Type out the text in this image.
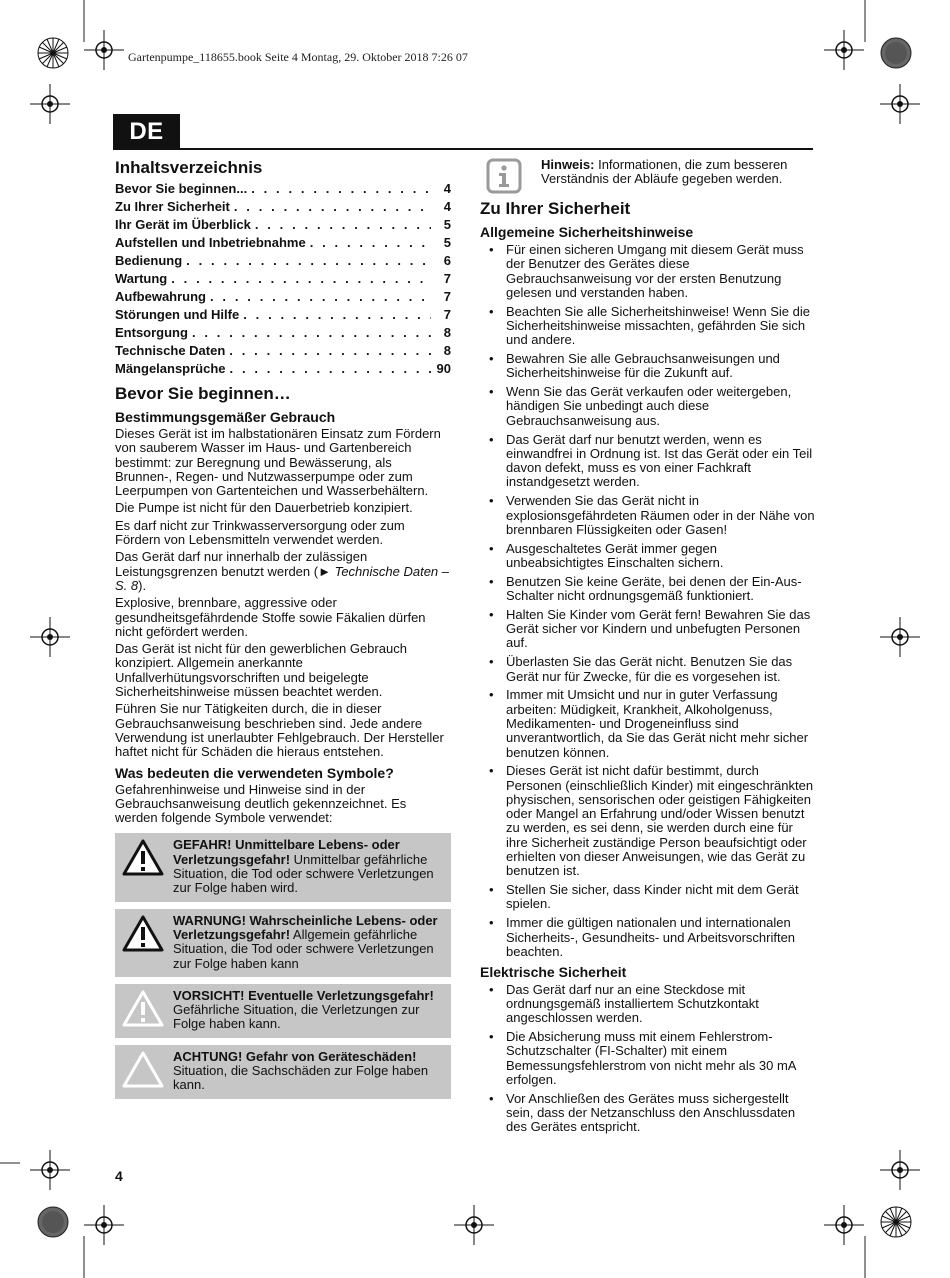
Gartenpumpe_118655.book Seite 4 Montag, 29. Oktober 2018 7:26 07
DE
Inhaltsverzeichnis
Bevor Sie beginnen... . . .	4
Zu Ihrer Sicherheit . . .	4
Ihr Gerät im Überblick . . .	5
Aufstellen und Inbetriebnahme . . .	5
Bedienung . . .	6
Wartung . . .	7
Aufbewahrung . . .	7
Störungen und Hilfe . . .	7
Entsorgung . . .	8
Technische Daten . . .	8
Mängelansprüche . . .	90
Bevor Sie beginnen…
Bestimmungsgemäßer Gebrauch

Dieses Gerät ist im halbstationären Einsatz zum Fördern von sauberem Wasser im Haus- und Gartenbereich bestimmt: zur Beregnung und Bewässerung, als Brunnen-, Regen- und Nutzwasserpumpe oder zum Leerpumpen von Gartenteichen und Wasserbehältern.

Die Pumpe ist nicht für den Dauerbetrieb konzipiert.

Es darf nicht zur Trinkwasserversorgung oder zum Fördern von Lebensmitteln verwendet werden.

Das Gerät darf nur innerhalb der zulässigen Leistungsgrenzen benutzt werden (► Technische Daten – S. 8).

Explosive, brennbare, aggressive oder gesundheitsgefährdende Stoffe sowie Fäkalien dürfen nicht gefördert werden.

Das Gerät ist nicht für den gewerblichen Gebrauch konzipiert. Allgemein anerkannte Unfallverhütungsvorschriften und beigelegte Sicherheitshinweise müssen beachtet werden.

Führen Sie nur Tätigkeiten durch, die in dieser Gebrauchsanweisung beschrieben sind. Jede andere Verwendung ist unerlaubter Fehlgebrauch. Der Hersteller haftet nicht für Schäden die hieraus entstehen.

Was bedeuten die verwendeten Symbole?

Gefahrenhinweise und Hinweise sind in der Gebrauchsanweisung deutlich gekennzeichnet. Es werden folgende Symbole verwendet:

GEFAHR! Unmittelbare Lebens- oder Verletzungsgefahr! Unmittelbar gefährliche Situation, die Tod oder schwere Verletzungen zur Folge haben wird.
WARNUNG! Wahrscheinliche Lebens- oder Verletzungsgefahr! Allgemein gefährliche Situation, die Tod oder schwere Verletzungen zur Folge haben kann
VORSICHT! Eventuelle Verletzungsgefahr! Gefährliche Situation, die Verletzungen zur Folge haben kann.
ACHTUNG! Gefahr von Geräteschäden! Situation, die Sachschäden zur Folge haben kann.
Hinweis: Informationen, die zum besseren Verständnis der Abläufe gegeben werden.
Zu Ihrer Sicherheit
Allgemeine Sicherheitshinweise
• Für einen sicheren Umgang mit diesem Gerät muss der Benutzer des Gerätes diese Gebrauchsanweisung vor der ersten Benutzung gelesen und verstanden haben.
• Beachten Sie alle Sicherheitshinweise! Wenn Sie die Sicherheitshinweise missachten, gefährden Sie sich und andere.
• Bewahren Sie alle Gebrauchsanweisungen und Sicherheitshinweise für die Zukunft auf.
• Wenn Sie das Gerät verkaufen oder weitergeben, händigen Sie unbedingt auch diese Gebrauchsanweisung aus.
• Das Gerät darf nur benutzt werden, wenn es einwandfrei in Ordnung ist. Ist das Gerät oder ein Teil davon defekt, muss es von einer Fachkraft instandgesetzt werden.
• Verwenden Sie das Gerät nicht in explosionsgefährdeten Räumen oder in der Nähe von brennbaren Flüssigkeiten oder Gasen!
• Ausgeschaltetes Gerät immer gegen unbeabsichtigtes Einschalten sichern.
• Benutzen Sie keine Geräte, bei denen der Ein-Aus-Schalter nicht ordnungsgemäß funktioniert.
• Halten Sie Kinder vom Gerät fern! Bewahren Sie das Gerät sicher vor Kindern und unbefugten Personen auf.
• Überlasten Sie das Gerät nicht. Benutzen Sie das Gerät nur für Zwecke, für die es vorgesehen ist.
• Immer mit Umsicht und nur in guter Verfassung arbeiten: Müdigkeit, Krankheit, Alkoholgenuss, Medikamenten- und Drogeneinfluss sind unverantwortlich, da Sie das Gerät nicht mehr sicher benutzen können.
• Dieses Gerät ist nicht dafür bestimmt, durch Personen (einschließlich Kinder) mit eingeschränkten physischen, sensorischen oder geistigen Fähigkeiten oder Mangel an Erfahrung und/oder Wissen benutzt zu werden, es sei denn, sie werden durch eine für ihre Sicherheit zuständige Person beaufsichtigt oder erhielten von dieser Anweisungen, wie das Gerät zu benutzen ist.
• Stellen Sie sicher, dass Kinder nicht mit dem Gerät spielen.
• Immer die gültigen nationalen und internationalen Sicherheits-, Gesundheits- und Arbeitsvorschriften beachten.
Elektrische Sicherheit
• Das Gerät darf nur an eine Steckdose mit ordnungsgemäß installiertem Schutzkontakt angeschlossen werden.
• Die Absicherung muss mit einem Fehlerstrom-Schutzschalter (FI-Schalter) mit einem Bemessungsfehlerstrom von nicht mehr als 30 mA erfolgen.
• Vor Anschließen des Gerätes muss sichergestellt sein, dass der Netzanschluss den Anschlussdaten des Gerätes entspricht.
4
